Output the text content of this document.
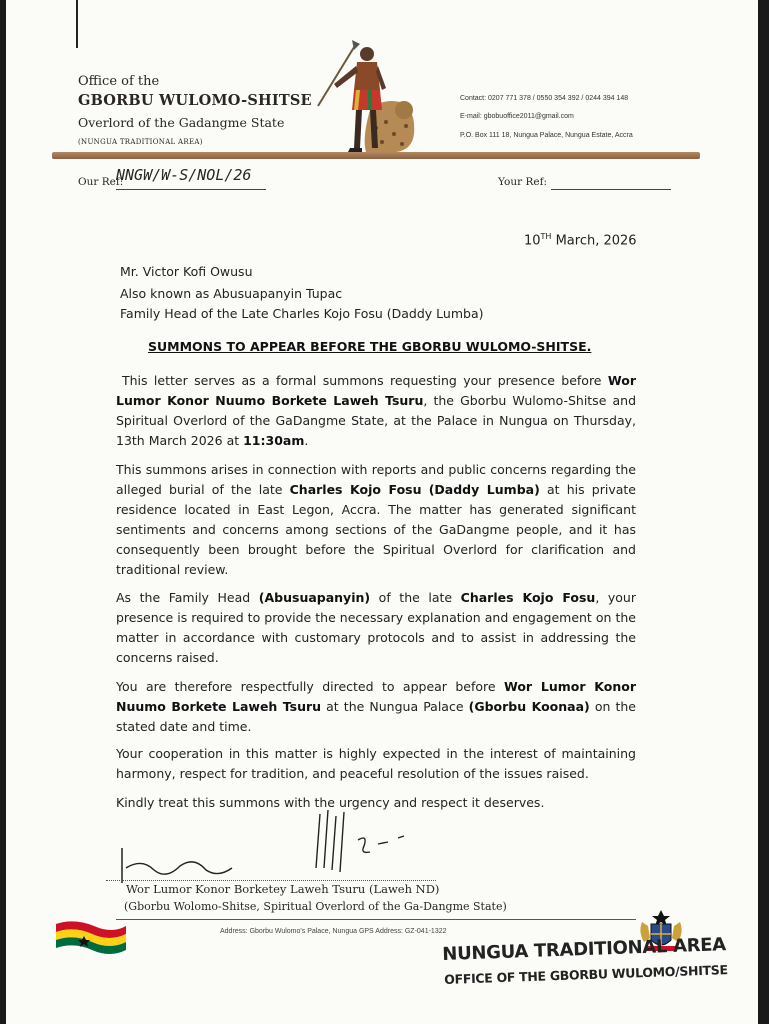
Office of the
GBORBU WULOMO-SHITSE
Overlord of the Gadangme State
(NUNGUA TRADITIONAL AREA)
Contact: 0207 771 378 / 0550 354 392 / 0244 394 148
E-mail: gbobuoffice2011@gmail.com
P.O. Box 111 18, Nungua Palace, Nungua Estate, Accra
Our Ref:
NNGW/W-S/NOL/26	Your Ref:
10TH March, 2026
Mr. Victor Kofi Owusu
Also known as Abusuapanyin Tupac
Family Head of the Late Charles Kojo Fosu (Daddy Lumba)
SUMMONS TO APPEAR BEFORE THE GBORBU WULOMO-SHITSE.
This letter serves as a formal summons requesting your presence before Wor Lumor Konor Nuumo Borkete Laweh Tsuru, the Gborbu Wulomo-Shitse and Spiritual Overlord of the GaDangme State, at the Palace in Nungua on Thursday, 13th March 2026 at 11:30am.
This summons arises in connection with reports and public concerns regarding the alleged burial of the late Charles Kojo Fosu (Daddy Lumba) at his private residence located in East Legon, Accra. The matter has generated significant sentiments and concerns among sections of the GaDangme people, and it has consequently been brought before the Spiritual Overlord for clarification and traditional review.
As the Family Head (Abusuapanyin) of the late Charles Kojo Fosu, your presence is required to provide the necessary explanation and engagement on the matter in accordance with customary protocols and to assist in addressing the concerns raised.
You are therefore respectfully directed to appear before Wor Lumor Konor Nuumo Borkete Laweh Tsuru at the Nungua Palace (Gborbu Koonaa) on the stated date and time.
Your cooperation in this matter is highly expected in the interest of maintaining harmony, respect for tradition, and peaceful resolution of the issues raised.
Kindly treat this summons with the urgency and respect it deserves.
Wor Lumor Konor Borketey Laweh Tsuru (Laweh ND)
(Gborbu Wolomo-Shitse, Spiritual Overlord of the Ga-Dangme State)
Address: Gborbu Wulomo's Palace, Nungua GPS Address: GZ-041-1322
NUNGUA TRADITIONAL AREA
OFFICE OF THE GBORBU WULOMO/SHITSE
